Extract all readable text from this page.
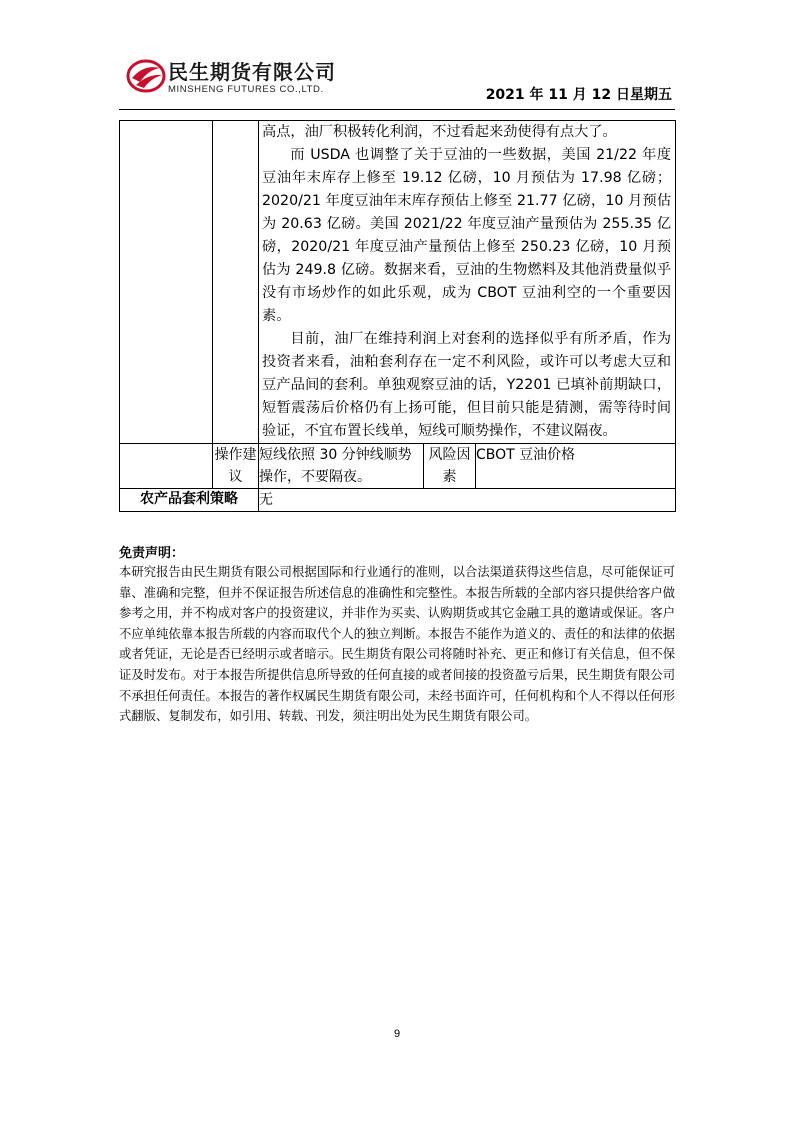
民生期货有限公司
MINSHENG FUTURES CO.,LTD.	2021 年 11 月 12 日星期五

		高点，油厂积极转化利润，不过看起来劲使得有点大了。

而 USDA 也调整了关于豆油的一些数据，美国 21/22 年度豆油年末库存上修至 19.12 亿磅，10 月预估为 17.98 亿磅；2020/21 年度豆油年末库存预估上修至 21.77 亿磅，10 月预估为 20.63 亿磅。美国 2021/22 年度豆油产量预估为 255.35 亿磅，2020/21 年度豆油产量预估上修至 250.23 亿磅，10 月预估为 249.8 亿磅。数据来看，豆油的生物燃料及其他消费量似乎没有市场炒作的如此乐观，成为 CBOT 豆油利空的一个重要因素。

目前，油厂在维持利润上对套利的选择似乎有所矛盾，作为投资者来看，油粕套利存在一定不利风险，或许可以考虑大豆和豆产品间的套利。单独观察豆油的话，Y2201 已填补前期缺口，短暂震荡后价格仍有上扬可能，但目前只能是猜测，需等待时间验证，不宜布置长线单，短线可顺势操作，不建议隔夜。		

	操作建议	短线依照 30 分钟线顺势操作，不要隔夜。	风险因素	CBOT 豆油价格
农产品套利策略		无		
免责声明：

本研究报告由民生期货有限公司根据国际和行业通行的准则，以合法渠道获得这些信息，尽可能保证可靠、准确和完整，但并不保证报告所述信息的准确性和完整性。本报告所载的全部内容只提供给客户做参考之用，并不构成对客户的投资建议，并非作为买卖、认购期货或其它金融工具的邀请或保证。客户不应单纯依靠本报告所载的内容而取代个人的独立判断。本报告不能作为道义的、责任的和法律的依据或者凭证，无论是否已经明示或者暗示。民生期货有限公司将随时补充、更正和修订有关信息，但不保证及时发布。对于本报告所提供信息所导致的任何直接的或者间接的投资盈亏后果，民生期货有限公司不承担任何责任。本报告的著作权属民生期货有限公司，未经书面许可，任何机构和个人不得以任何形式翻版、复制发布，如引用、转载、刊发，须注明出处为民生期货有限公司。

9
